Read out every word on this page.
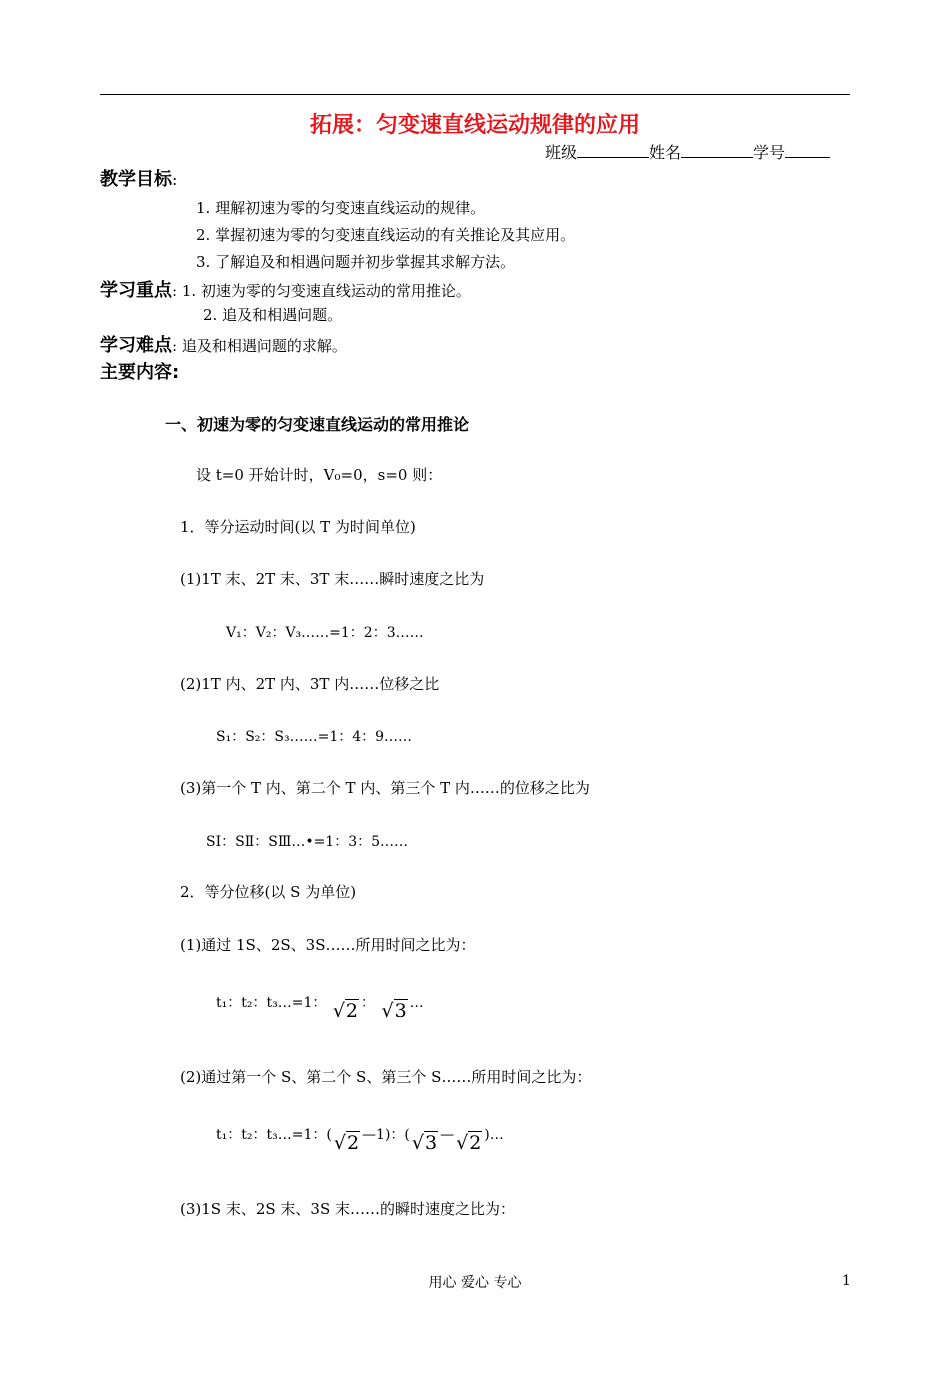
拓展：匀变速直线运动规律的应用
班级	姓名	学号
教学目标:
1. 理解初速为零的匀变速直线运动的规律。
2. 掌握初速为零的匀变速直线运动的有关推论及其应用。
3. 了解追及和相遇问题并初步掌握其求解方法。
学习重点: 1. 初速为零的匀变速直线运动的常用推论。
2. 追及和相遇问题。
学习难点: 追及和相遇问题的求解。
主要内容:
一、初速为零的匀变速直线运动的常用推论
设 t=0 开始计时，V₀=0，s=0 则：
1．等分运动时间(以 T 为时间单位)
(1)1T 末、2T 末、3T 末……瞬时速度之比为
V₁：V₂：V₃……=1：2：3……
(2)1T 内、2T 内、3T 内……位移之比
S₁：S₂：S₃……=1：4：9……
(3)第一个 T 内、第二个 T 内、第三个 T 内……的位移之比为
SⅠ：SⅡ：SⅢ…•=1：3：5……
2．等分位移(以 S 为单位)
(1)通过 1S、2S、3S……所用时间之比为：
t₁：t₂：t₃…=1： √2 ： √3 …
(2)通过第一个 S、第二个 S、第三个 S……所用时间之比为：
t₁：t₂：t₃…=1：( √2 —1)：( √3 — √2 )…
(3)1S 末、2S 末、3S 末……的瞬时速度之比为：
用心 爱心 专心	1
